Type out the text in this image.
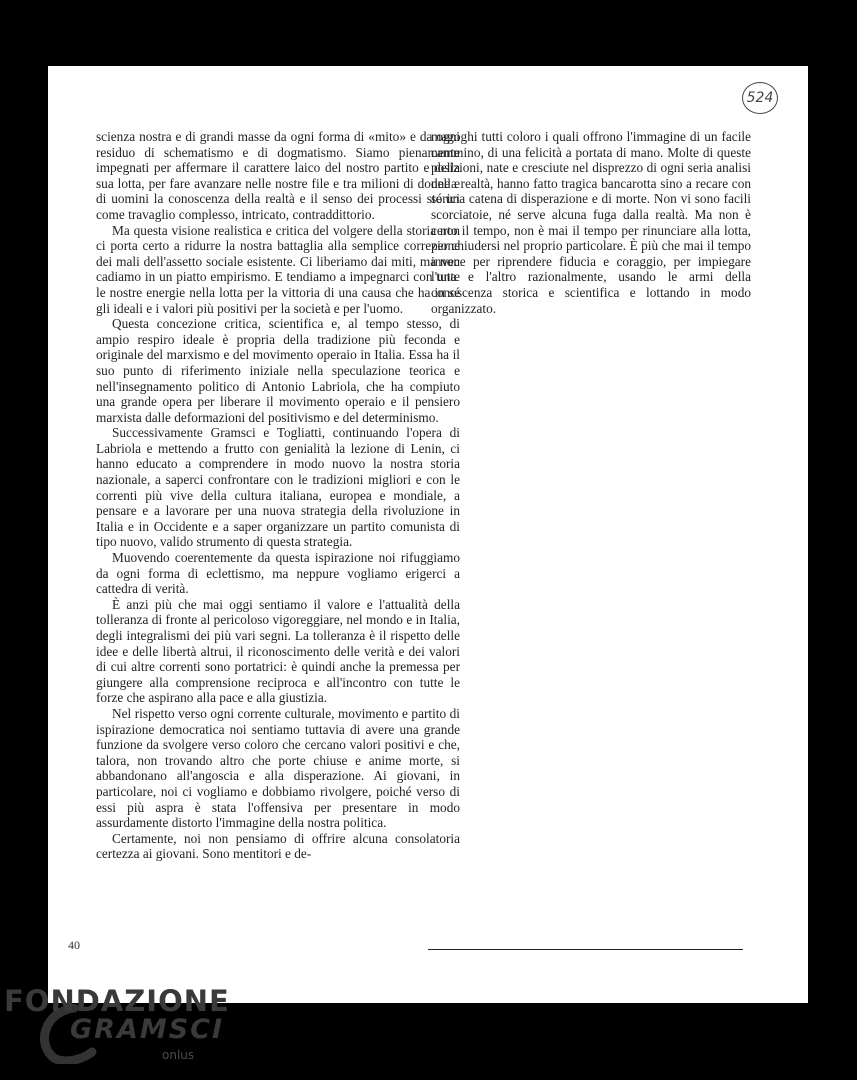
524

scienza nostra e di grandi masse da ogni forma di «mito» e da ogni residuo di schematismo e di dogmatismo. Siamo pienamente impegnati per affermare il carattere laico del nostro partito e della sua lotta, per fare avanzare nelle nostre file e tra milioni di donne e di uomini la conoscenza della realtà e il senso dei processi storici come travaglio complesso, intricato, contraddittorio.

Ma questa visione realistica e critica del volgere della storia non ci porta certo a ridurre la nostra battaglia alla semplice correzione dei mali dell'assetto sociale esistente. Ci liberiamo dai miti, ma non cadiamo in un piatto empirismo. E tendiamo a impegnarci con tutte le nostre energie nella lotta per la vittoria di una causa che ha in sé gli ideali e i valori più positivi per la società e per l'uomo.

Questa concezione critica, scientifica e, al tempo stesso, di ampio respiro ideale è propria della tradizione più feconda e originale del marxismo e del movimento operaio in Italia. Essa ha il suo punto di riferimento iniziale nella speculazione teorica e nell'insegnamento politico di Antonio Labriola, che ha compiuto una grande opera per liberare il movimento operaio e il pensiero marxista dalle deformazioni del positivismo e del determinismo.

Successivamente Gramsci e Togliatti, continuando l'opera di Labriola e mettendo a frutto con genialità la lezione di Lenin, ci hanno educato a comprendere in modo nuovo la nostra storia nazionale, a saperci confrontare con le tradizioni migliori e con le correnti più vive della cultura italiana, europea e mondiale, a pensare e a lavorare per una nuova strategia della rivoluzione in Italia e in Occidente e a saper organizzare un partito comunista di tipo nuovo, valido strumento di questa strategia.

Muovendo coerentemente da questa ispirazione noi rifuggiamo da ogni forma di eclettismo, ma neppure vogliamo erigerci a cattedra di verità.

È anzi più che mai oggi sentiamo il valore e l'attualità della tolleranza di fronte al pericoloso vigoreggiare, nel mondo e in Italia, degli integralismi dei più vari segni. La tolleranza è il rispetto delle idee e delle libertà altrui, il riconoscimento delle verità e dei valori di cui altre correnti sono portatrici: è quindi anche la premessa per giungere alla comprensione reciproca e all'incontro con tutte le forze che aspirano alla pace e alla giustizia.

Nel rispetto verso ogni corrente culturale, movimento e partito di ispirazione democratica noi sentiamo tuttavia di avere una grande funzione da svolgere verso coloro che cercano valori positivi e che, talora, non trovando altro che porte chiuse e anime morte, si abbandonano all'angoscia e alla disperazione. Ai giovani, in particolare, noi ci vogliamo e dobbiamo rivolgere, poiché verso di essi più aspra è stata l'offensiva per presentare in modo assurdamente distorto l'immagine della nostra politica.

Certamente, noi non pensiamo di offrire alcuna consolatoria certezza ai giovani. Sono mentitori e de-

magoghi tutti coloro i quali offrono l'immagine di un facile cammino, di una felicità a portata di mano. Molte di queste posizioni, nate e cresciute nel disprezzo di ogni seria analisi della realtà, hanno fatto tragica bancarotta sino a recare con sé una catena di disperazione e di morte. Non vi sono facili scorciatoie, né serve alcuna fuga dalla realtà. Ma non è certo il tempo, non è mai il tempo per rinunciare alla lotta, per chiudersi nel proprio particolare. È più che mai il tempo invece per riprendere fiducia e coraggio, per impiegare l'una e l'altro razionalmente, usando le armi della conoscenza storica e scientifica e lottando in modo organizzato.

40
FONDAZIONE
GRAMSCI
onlus
